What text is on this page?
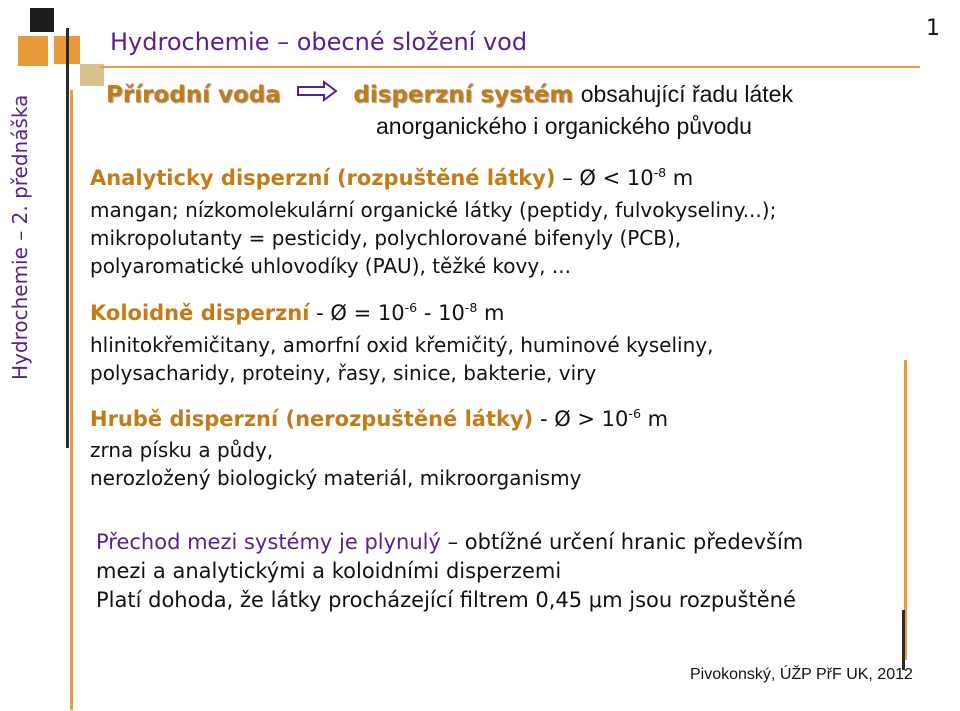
Hydrochemie – obecné složení vod	1
Hydrochemie – 2. přednáška	Přírodní voda	disperzní systém obsahující řadu látek
anorganického i organického původu
Analyticky disperzní (rozpuštěné látky) – Ø < $10^{-8}$ m
mangan; nízkomolekulární organické látky (peptidy, fulvokyseliny...);
mikropolutanty = pesticidy, polychlorované bifenyly (PCB),
polyaromatické uhlovodíky (PAU), těžké kovy, ...
Koloidně disperzní - Ø = $10^{-6} - 10^{-8}$ m
hlinitokřemičitany, amorfní oxid křemičitý, huminové kyseliny,
polysacharidy, proteiny, řasy, sinice, bakterie, viry
Hrubě disperzní (nerozpuštěné látky) - Ø > $10^{-6}$ m
zrna písku a půdy,
nerozložený biologický materiál, mikroorganismy
Přechod mezi systémy je plynulý – obtížné určení hranic především
mezi a analytickými a koloidními disperzemi
Platí dohoda, že látky procházející filtrem 0,45 μm jsou rozpuštěné
Pivokonský, ÚŽP PřF UK, 2012
